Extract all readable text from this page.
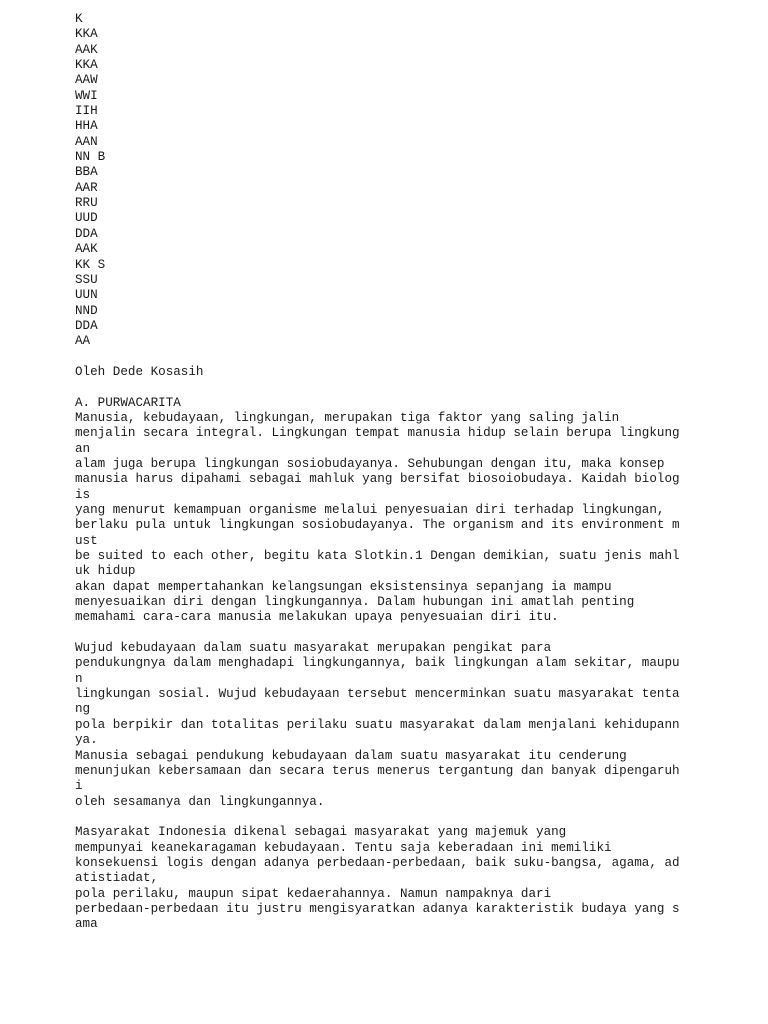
K
KKA
AAK
KKA
AAW
WWI
IIH
HHA
AAN
NN B
BBA
AAR
RRU
UUD
DDA
AAK
KK S
SSU
UUN
NND
DDA
AA
Oleh Dede Kosasih
A. PURWACARITA
Manusia, kebudayaan, lingkungan, merupakan tiga faktor yang saling jalin
menjalin secara integral. Lingkungan tempat manusia hidup selain berupa lingkung
an
alam juga berupa lingkungan sosiobudayanya. Sehubungan dengan itu, maka konsep
manusia harus dipahami sebagai mahluk yang bersifat biosoiobudaya. Kaidah biolog
is
yang menurut kemampuan organisme melalui penyesuaian diri terhadap lingkungan,
berlaku pula untuk lingkungan sosiobudayanya. The organism and its environment m
ust
be suited to each other, begitu kata Slotkin.1 Dengan demikian, suatu jenis mahl
uk hidup
akan dapat mempertahankan kelangsungan eksistensinya sepanjang ia mampu
menyesuaikan diri dengan lingkungannya. Dalam hubungan ini amatlah penting
memahami cara-cara manusia melakukan upaya penyesuaian diri itu.
Wujud kebudayaan dalam suatu masyarakat merupakan pengikat para
pendukungnya dalam menghadapi lingkungannya, baik lingkungan alam sekitar, maupu
n
lingkungan sosial. Wujud kebudayaan tersebut mencerminkan suatu masyarakat tenta
ng
pola berpikir dan totalitas perilaku suatu masyarakat dalam menjalani kehidupann
ya.
Manusia sebagai pendukung kebudayaan dalam suatu masyarakat itu cenderung
menunjukan kebersamaan dan secara terus menerus tergantung dan banyak dipengaruh
i
oleh sesamanya dan lingkungannya.
Masyarakat Indonesia dikenal sebagai masyarakat yang majemuk yang
mempunyai keanekaragaman kebudayaan. Tentu saja keberadaan ini memiliki
konsekuensi logis dengan adanya perbedaan-perbedaan, baik suku-bangsa, agama, ad
atistiadat,
pola perilaku, maupun sipat kedaerahannya. Namun nampaknya dari
perbedaan-perbedaan itu justru mengisyaratkan adanya karakteristik budaya yang s
ama
